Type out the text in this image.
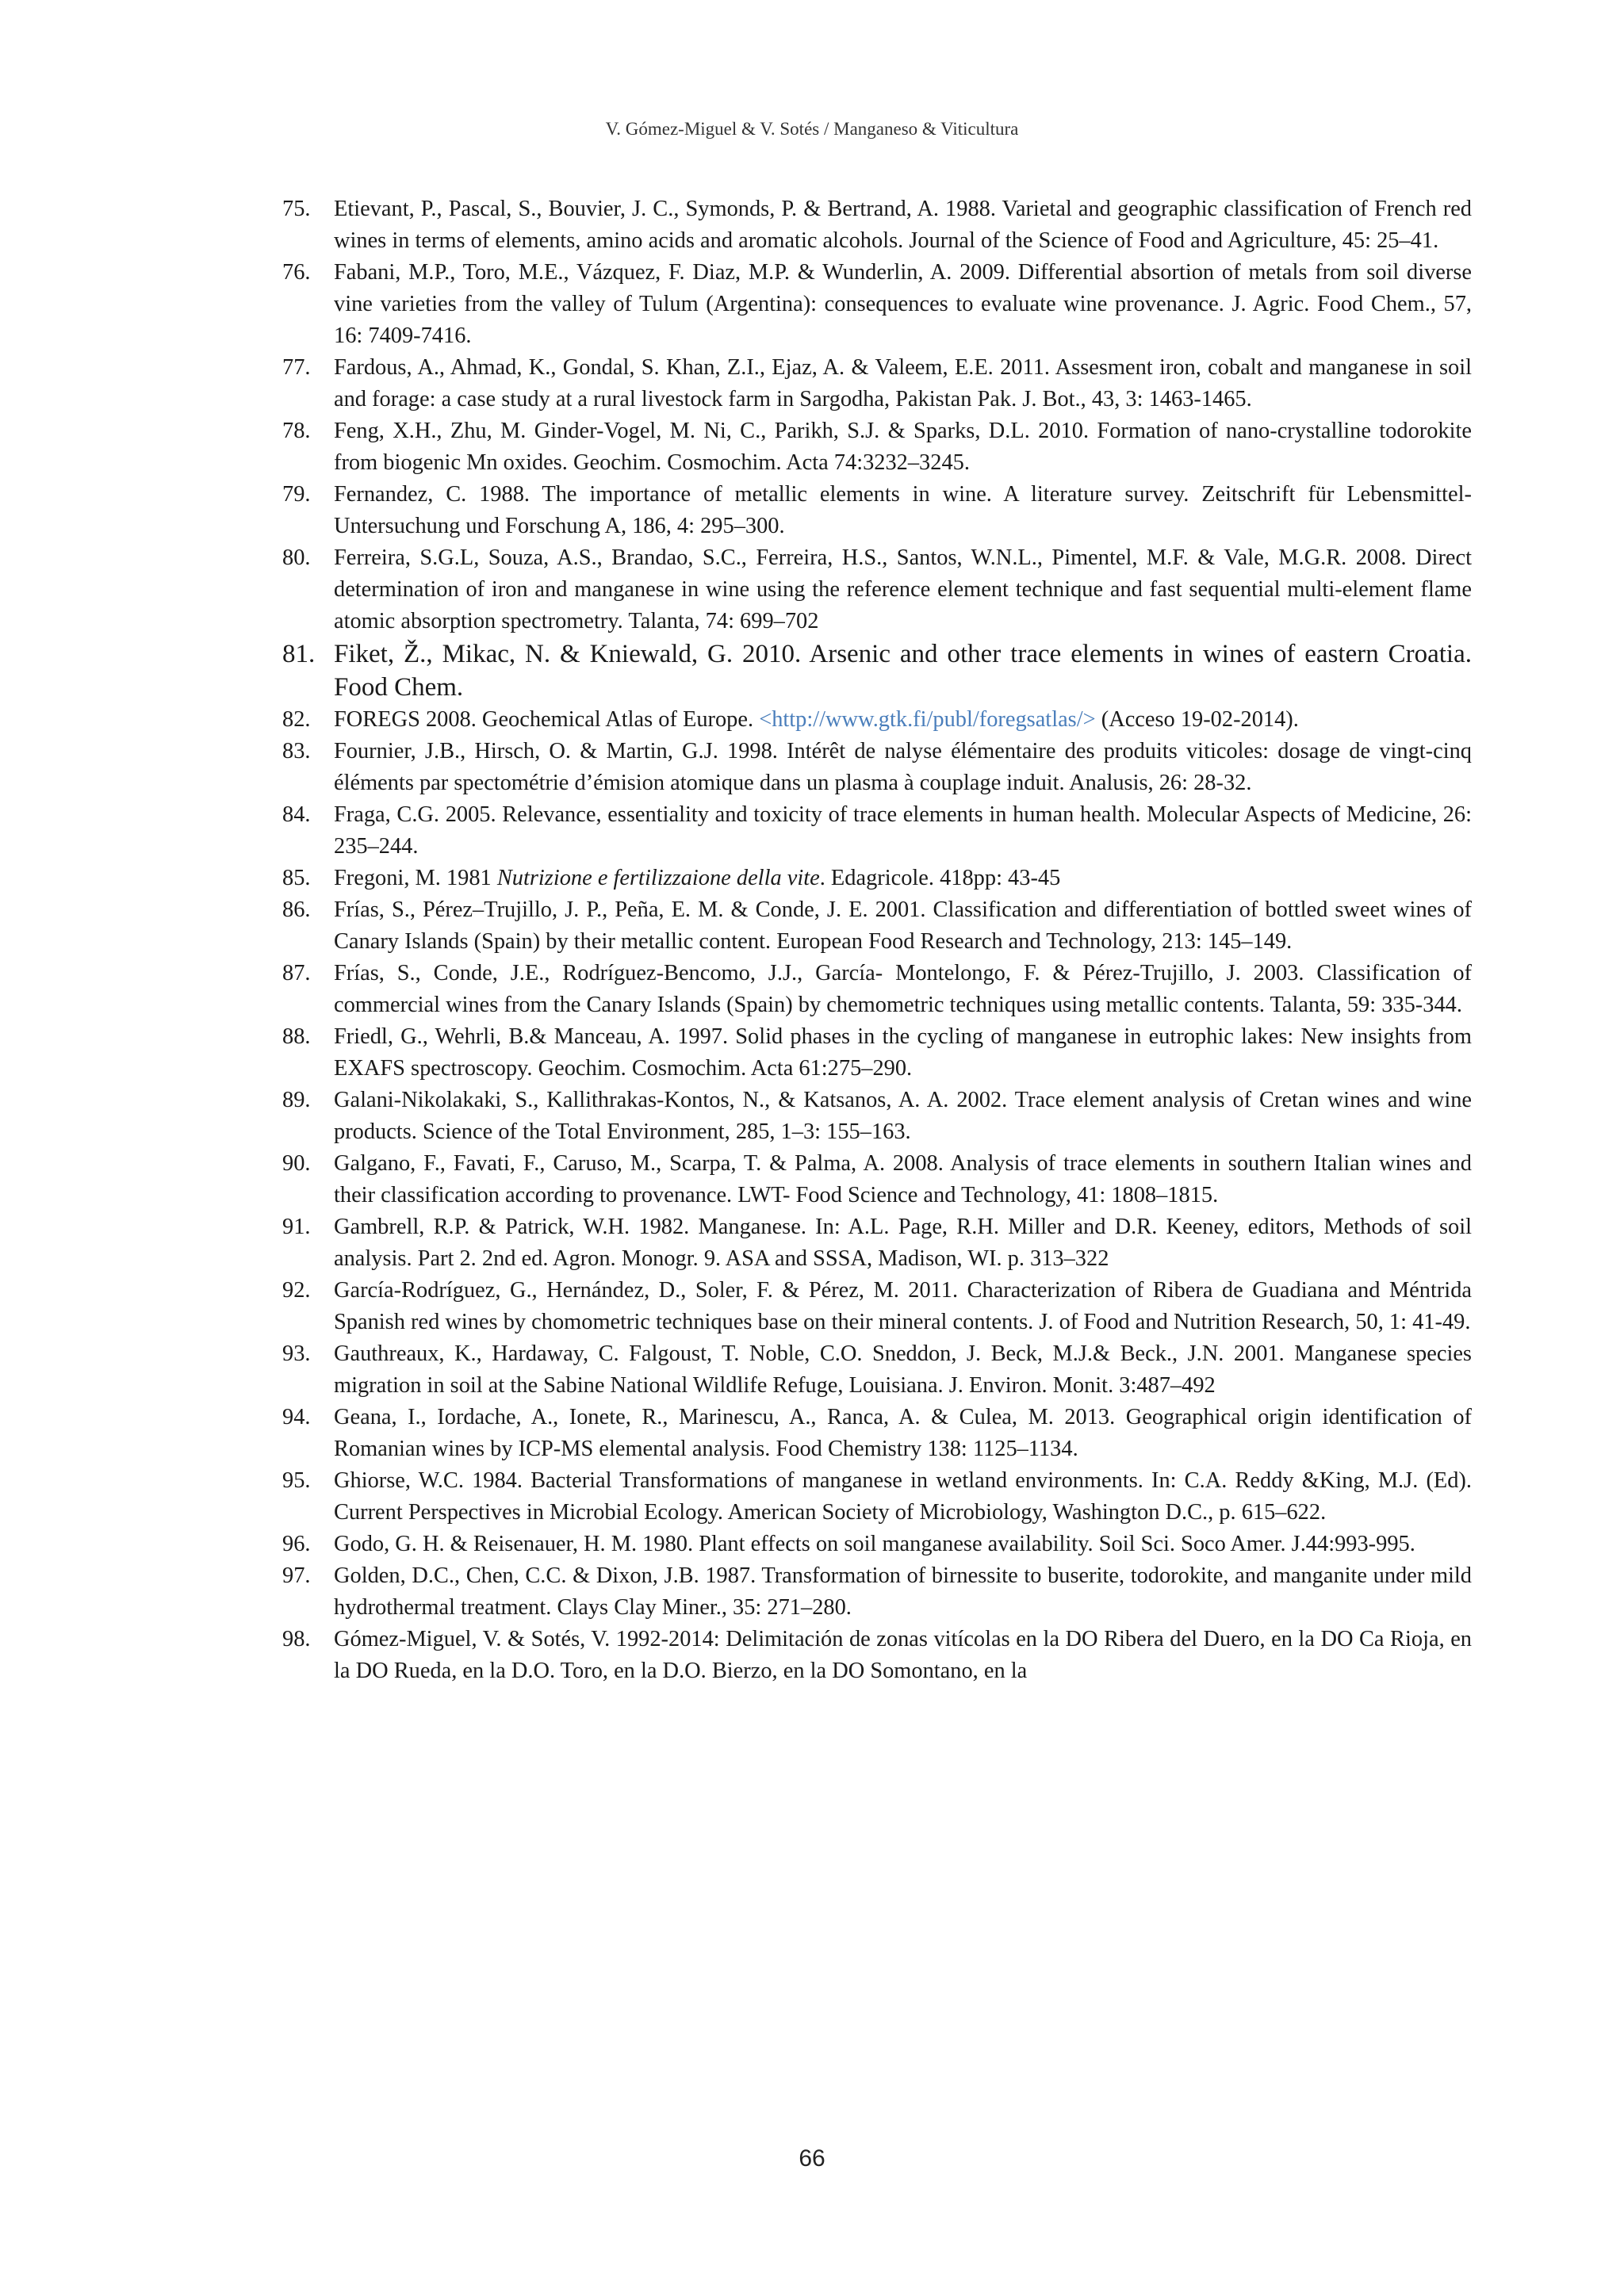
V. Gómez-Miguel & V. Sotés / Manganeso & Viticultura
75. Etievant, P., Pascal, S., Bouvier, J. C., Symonds, P. & Bertrand, A. 1988. Varietal and geographic classification of French red wines in terms of elements, amino acids and aromatic alcohols. Journal of the Science of Food and Agriculture, 45: 25–41.
76. Fabani, M.P., Toro, M.E., Vázquez, F. Diaz, M.P. & Wunderlin, A. 2009. Differential absortion of metals from soil diverse vine varieties from the valley of Tulum (Argentina): consequences to evaluate wine provenance. J. Agric. Food Chem., 57, 16: 7409-7416.
77. Fardous, A., Ahmad, K., Gondal, S. Khan, Z.I., Ejaz, A. & Valeem, E.E. 2011. Assesment iron, cobalt and manganese in soil and forage: a case study at a rural livestock farm in Sargodha, Pakistan Pak. J. Bot., 43, 3: 1463-1465.
78. Feng, X.H., Zhu, M. Ginder-Vogel, M. Ni, C., Parikh, S.J. & Sparks, D.L. 2010. Formation of nano-crystalline todorokite from biogenic Mn oxides. Geochim. Cosmochim. Acta 74:3232–3245.
79. Fernandez, C. 1988. The importance of metallic elements in wine. A literature survey. Zeitschrift für Lebensmittel-Untersuchung und Forschung A, 186, 4: 295–300.
80. Ferreira, S.G.L, Souza, A.S., Brandao, S.C., Ferreira, H.S., Santos, W.N.L., Pimentel, M.F. & Vale, M.G.R. 2008. Direct determination of iron and manganese in wine using the reference element technique and fast sequential multi-element flame atomic absorption spectrometry. Talanta, 74: 699–702
81. Fiket, Ž., Mikac, N. & Kniewald, G. 2010. Arsenic and other trace elements in wines of eastern Croatia. Food Chem.
82. FOREGS 2008. Geochemical Atlas of Europe. <http://www.gtk.fi/publ/foregsatlas/> (Acceso 19-02-2014).
83. Fournier, J.B., Hirsch, O. & Martin, G.J. 1998. Intérêt de nalyse élémentaire des produits viticoles: dosage de vingt-cinq éléments par spectométrie d’émision atomique dans un plasma à couplage induit. Analusis, 26: 28-32.
84. Fraga, C.G. 2005. Relevance, essentiality and toxicity of trace elements in human health. Molecular Aspects of Medicine, 26: 235–244.
85. Fregoni, M. 1981 Nutrizione e fertilizzaione della vite. Edagricole. 418pp: 43-45
86. Frías, S., Pérez–Trujillo, J. P., Peña, E. M. & Conde, J. E. 2001. Classification and differentiation of bottled sweet wines of Canary Islands (Spain) by their metallic content. European Food Research and Technology, 213: 145–149.
87. Frías, S., Conde, J.E., Rodríguez-Bencomo, J.J., García- Montelongo, F. & Pérez-Trujillo, J. 2003. Classification of commercial wines from the Canary Islands (Spain) by chemometric techniques using metallic contents. Talanta, 59: 335-344.
88. Friedl, G., Wehrli, B.& Manceau, A. 1997. Solid phases in the cycling of manganese in eutrophic lakes: New insights from EXAFS spectroscopy. Geochim. Cosmochim. Acta 61:275–290.
89. Galani-Nikolakaki, S., Kallithrakas-Kontos, N., & Katsanos, A. A. 2002. Trace element analysis of Cretan wines and wine products. Science of the Total Environment, 285, 1–3: 155–163.
90. Galgano, F., Favati, F., Caruso, M., Scarpa, T. & Palma, A. 2008. Analysis of trace elements in southern Italian wines and their classification according to provenance. LWT- Food Science and Technology, 41: 1808–1815.
91. Gambrell, R.P. & Patrick, W.H. 1982. Manganese. In: A.L. Page, R.H. Miller and D.R. Keeney, editors, Methods of soil analysis. Part 2. 2nd ed. Agron. Monogr. 9. ASA and SSSA, Madison, WI. p. 313–322
92. García-Rodríguez, G., Hernández, D., Soler, F. & Pérez, M. 2011. Characterization of Ribera de Guadiana and Méntrida Spanish red wines by chomometric techniques base on their mineral contents. J. of Food and Nutrition Research, 50, 1: 41-49.
93. Gauthreaux, K., Hardaway, C. Falgoust, T. Noble, C.O. Sneddon, J. Beck, M.J.& Beck., J.N. 2001. Manganese species migration in soil at the Sabine National Wildlife Refuge, Louisiana. J. Environ. Monit. 3:487–492
94. Geana, I., Iordache, A., Ionete, R., Marinescu, A., Ranca, A. & Culea, M. 2013. Geographical origin identification of Romanian wines by ICP-MS elemental analysis. Food Chemistry 138: 1125–1134.
95. Ghiorse, W.C. 1984. Bacterial Transformations of manganese in wetland environments. In: C.A. Reddy &King, M.J. (Ed). Current Perspectives in Microbial Ecology. American Society of Microbiology, Washington D.C., p. 615–622.
96. Godo, G. H. & Reisenauer, H. M. 1980. Plant effects on soil manganese availability. Soil Sci. Soco Amer. J.44:993-995.
97. Golden, D.C., Chen, C.C. & Dixon, J.B. 1987. Transformation of birnessite to buserite, todorokite, and manganite under mild hydrothermal treatment. Clays Clay Miner., 35: 271–280.
98. Gómez-Miguel, V. & Sotés, V. 1992-2014: Delimitación de zonas vitícolas en la DO Ribera del Duero, en la DO Ca Rioja, en la DO Rueda, en la D.O. Toro, en la D.O. Bierzo, en la DO Somontano, en la
66
